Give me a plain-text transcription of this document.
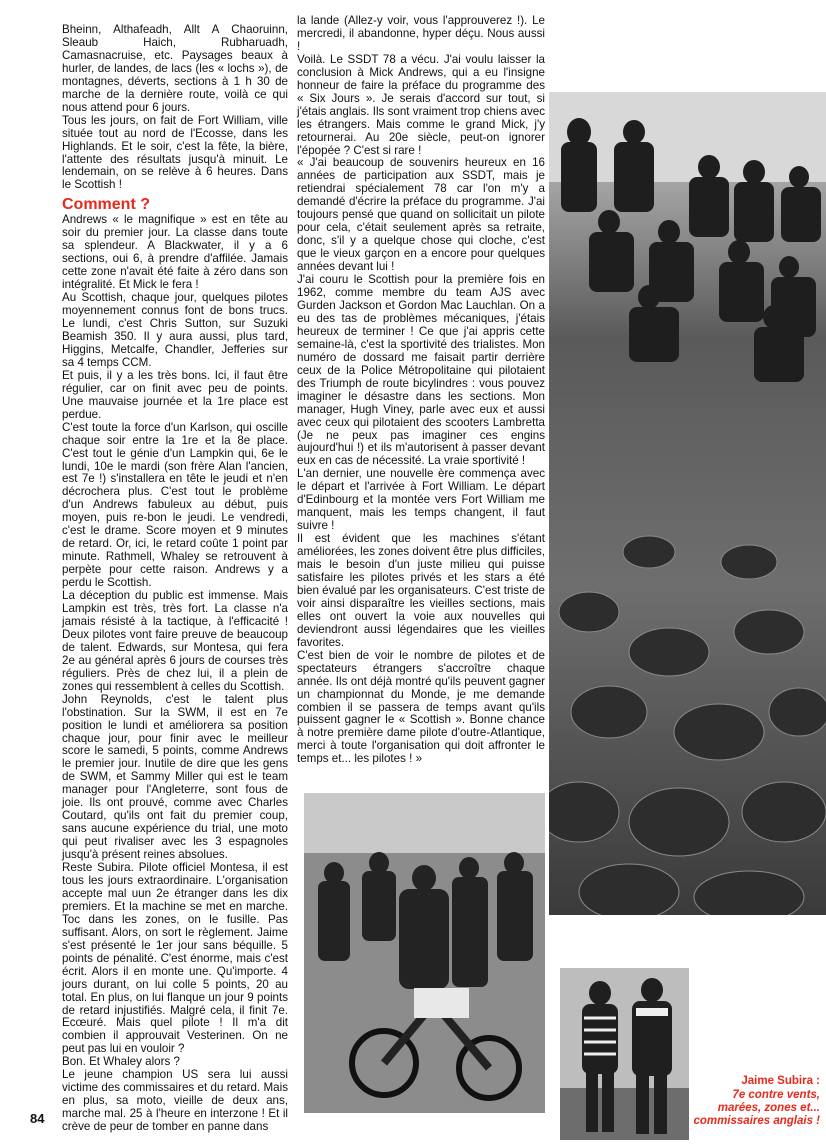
Bheinn, Althafeadh, Allt A Chaoruinn, Sleaub Haich, Rubharuadh, Camasnacruise, etc. Paysages beaux à hurler, de landes, de lacs (les « lochs »), de montagnes, déverts, sections à 1 h 30 de marche de la dernière route, voilà ce qui nous attend pour 6 jours.

Tous les jours, on fait de Fort William, ville située tout au nord de l'Ecosse, dans les Highlands. Et le soir, c'est la fête, la bière, l'attente des résultats jusqu'à minuit. Le lendemain, on se relève à 6 heures. Dans le Scottish !

Comment ?

Andrews « le magnifique » est en tête au soir du premier jour. La classe dans toute sa splendeur. A Blackwater, il y a 6 sections, oui 6, à prendre d'affilée. Jamais cette zone n'avait été faite à zéro dans son intégralité. Et Mick le fera !

Au Scottish, chaque jour, quelques pilotes moyennement connus font de bons trucs. Le lundi, c'est Chris Sutton, sur Suzuki Beamish 350. Il y aura aussi, plus tard, Higgins, Metcalfe, Chandler, Jefferies sur sa 4 temps CCM.

Et puis, il y a les très bons. Ici, il faut être régulier, car on finit avec peu de points. Une mauvaise journée et la 1re place est perdue.

C'est toute la force d'un Karlson, qui oscille chaque soir entre la 1re et la 8e place. C'est tout le génie d'un Lampkin qui, 6e le lundi, 10e le mardi (son frère Alan l'ancien, est 7e !) s'installera en tête le jeudi et n'en décrochera plus. C'est tout le problème d'un Andrews fabuleux au début, puis moyen, puis re-bon le jeudi. Le vendredi, c'est le drame. Score moyen et 9 minutes de retard. Or, ici, le retard coûte 1 point par minute. Rathmell, Whaley se retrouvent à perpète pour cette raison. Andrews y a perdu le Scottish.

La déception du public est immense. Mais Lampkin est très, très fort. La classe n'a jamais résisté à la tactique, à l'efficacité ! Deux pilotes vont faire preuve de beaucoup de talent. Edwards, sur Montesa, qui fera 2e au général après 6 jours de courses très réguliers. Près de chez lui, il a plein de zones qui ressemblent à celles du Scottish.

John Reynolds, c'est le talent plus l'obstination. Sur la SWM, il est en 7e position le lundi et améliorera sa position chaque jour, pour finir avec le meilleur score le samedi, 5 points, comme Andrews le premier jour. Inutile de dire que les gens de SWM, et Sammy Miller qui est le team manager pour l'Angleterre, sont fous de joie. Ils ont prouvé, comme avec Charles Coutard, qu'ils ont fait du premier coup, sans aucune expérience du trial, une moto qui peut rivaliser avec les 3 espagnoles jusqu'à présent reines absolues.

Reste Subira. Pilote officiel Montesa, il est tous les jours extraordinaire. L'organisation accepte mal uun 2e étranger dans les dix premiers. Et la machine se met en marche. Toc dans les zones, on le fusille. Pas suffisant. Alors, on sort le règlement. Jaime s'est présenté le 1er jour sans béquille. 5 points de pénalité. C'est énorme, mais c'est écrit. Alors il en monte une. Qu'importe. 4 jours durant, on lui colle 5 points, 20 au total. En plus, on lui flanque un jour 9 points de retard injustifiés. Malgré cela, il finit 7e. Ecœuré. Mais quel pilote ! Il m'a dit combien il approuvait Vesterinen. On ne peut pas lui en vouloir ?

Bon. Et Whaley alors ?

Le jeune champion US sera lui aussi victime des commissaires et du retard. Mais en plus, sa moto, vieille de deux ans, marche mal. 25 à l'heure en interzone ! Et il crève de peur de tomber en panne dans

la lande (Allez-y voir, vous l'approuverez !). Le mercredi, il abandonne, hyper déçu. Nous aussi !

Voilà. Le SSDT 78 a vécu. J'ai voulu laisser la conclusion à Mick Andrews, qui a eu l'insigne honneur de faire la préface du programme des « Six Jours ». Je serais d'accord sur tout, si j'étais anglais. Ils sont vraiment trop chiens avec les étrangers. Mais comme le grand Mick, j'y retournerai. Au 20e siècle, peut-on ignorer l'épopée ? C'est si rare !

« J'ai beaucoup de souvenirs heureux en 16 années de participation aux SSDT, mais je retiendrai spécialement 78 car l'on m'y a demandé d'écrire la préface du programme. J'ai toujours pensé que quand on sollicitait un pilote pour cela, c'était seulement après sa retraite, donc, s'il y a quelque chose qui cloche, c'est que le vieux garçon en a encore pour quelques années devant lui !

J'ai couru le Scottish pour la première fois en 1962, comme membre du team AJS avec Gurden Jackson et Gordon Mac Lauchlan. On a eu des tas de problèmes mécaniques, j'étais heureux de terminer ! Ce que j'ai appris cette semaine-là, c'est la sportivité des trialistes. Mon numéro de dossard me faisait partir derrière ceux de la Police Métropolitaine qui pilotaient des Triumph de route bicylindres : vous pouvez imaginer le désastre dans les sections. Mon manager, Hugh Viney, parle avec eux et aussi avec ceux qui pilotaient des scooters Lambretta (Je ne peux pas imaginer ces engins aujourd'hui !) et ils m'autorisent à passer devant eux en cas de nécessité. La vraie sportivité !

L'an dernier, une nouvelle ère commença avec le départ et l'arrivée à Fort William. Le départ d'Edinbourg et la montée vers Fort William me manquent, mais les temps changent, il faut suivre !

Il est évident que les machines s'étant améliorées, les zones doivent être plus difficiles, mais le besoin d'un juste milieu qui puisse satisfaire les pilotes privés et les stars a été bien évalué par les organisateurs. C'est triste de voir ainsi disparaître les vieilles sections, mais elles ont ouvert la voie aux nouvelles qui deviendront aussi légendaires que les vieilles favorites.

C'est bien de voir le nombre de pilotes et de spectateurs étrangers s'accroître chaque année. Ils ont déjà montré qu'ils peuvent gagner un championnat du Monde, je me demande combien il se passera de temps avant qu'ils puissent gagner le « Scottish ». Bonne chance à notre première dame pilote d'outre-Atlantique, merci à toute l'organisation qui doit affronter le temps et... les pilotes ! »

Jaime Subira :
7e contre vents, marées, zones et... commissaires anglais !
84
